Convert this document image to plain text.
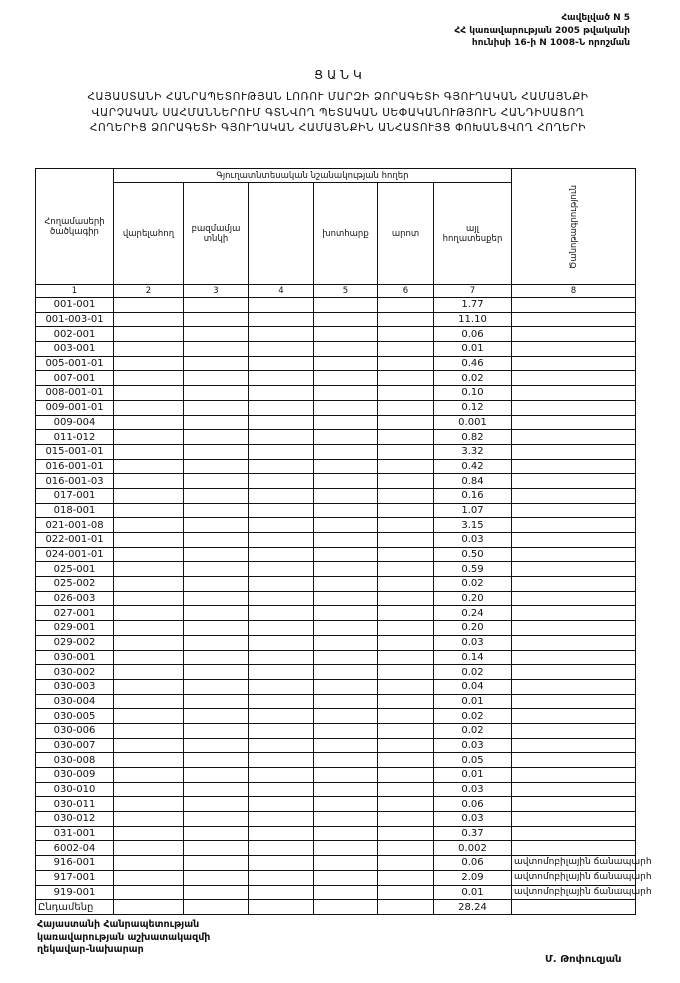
Հավելված N 5
ՀՀ կառավարության 2005 թվականի
հունիսի 16-ի N 1008-Ն որոշման
ՑԱՆԿ
ՀԱՅԱՍՏԱՆԻ ՀԱՆՐԱՊԵՏՈՒԹՅԱՆ ԼՈՌՈՒ ՄԱՐԶԻ ՁՈՐԱԳԵՏԻ ԳՅՈՒՂԱԿԱՆ ՀԱՄԱՅՆՔԻ
ՎԱՐՉԱԿԱՆ ՍԱՀՄԱՆՆԵՐՈՒՄ ԳՏՆՎՈՂ ՊԵՏԱԿԱՆ ՍԵՓԱԿԱՆՈՒԹՅՈՒՆ ՀԱՆԴԻՍԱՑՈՂ
ՀՈՂԵՐԻՑ ՁՈՐԱԳԵՏԻ ԳՅՈՒՂԱԿԱՆ ՀԱՄԱՅՆՔԻՆ ԱՆՀԱՏՈՒՅՑ ՓՈԽԱՆՑՎՈՂ ՀՈՂԵՐԻ
Հողամասերի ծածկագիր	Գյուղատնտեսական նշանակության հողեր						Ծանոթագրություն

	վարելահող	բազմամյա տնկի		խոտհարք	արոտ	այլ հողատեսքեր	
1	2	3	4	5	6	7	8
001-001						1.77	
001-003-01						11.10	
002-001						0.06	
003-001						0.01	
005-001-01						0.46	
007-001						0.02	
008-001-01						0.10	
009-001-01						0.12	
009-004						0.001	
011-012						0.82	
015-001-01						3.32	
016-001-01						0.42	
016-001-03						0.84	
017-001						0.16	
018-001						1.07	
021-001-08						3.15	
022-001-01						0.03	
024-001-01						0.50	
025-001						0.59	
025-002						0.02	
026-003						0.20	
027-001						0.24	
029-001						0.20	
029-002						0.03	
030-001						0.14	
030-002						0.02	
030-003						0.04	
030-004						0.01	
030-005						0.02	
030-006						0.02	
030-007						0.03	
030-008						0.05	
030-009						0.01	
030-010						0.03	
030-011						0.06	
030-012						0.03	
031-001						0.37	
6002-04						0.002	
916-001						0.06	ավտոմոբիլային ճանապարհ
917-001						2.09	ավտոմոբիլային ճանապարհ
919-001						0.01	ավտոմոբիլային ճանապարհ
Ընդամենը						28.24	
Հայաստանի Հանրապետության
կառավարության աշխատակազմի
ղեկավար-նախարար
Մ. Թոփուզյան
